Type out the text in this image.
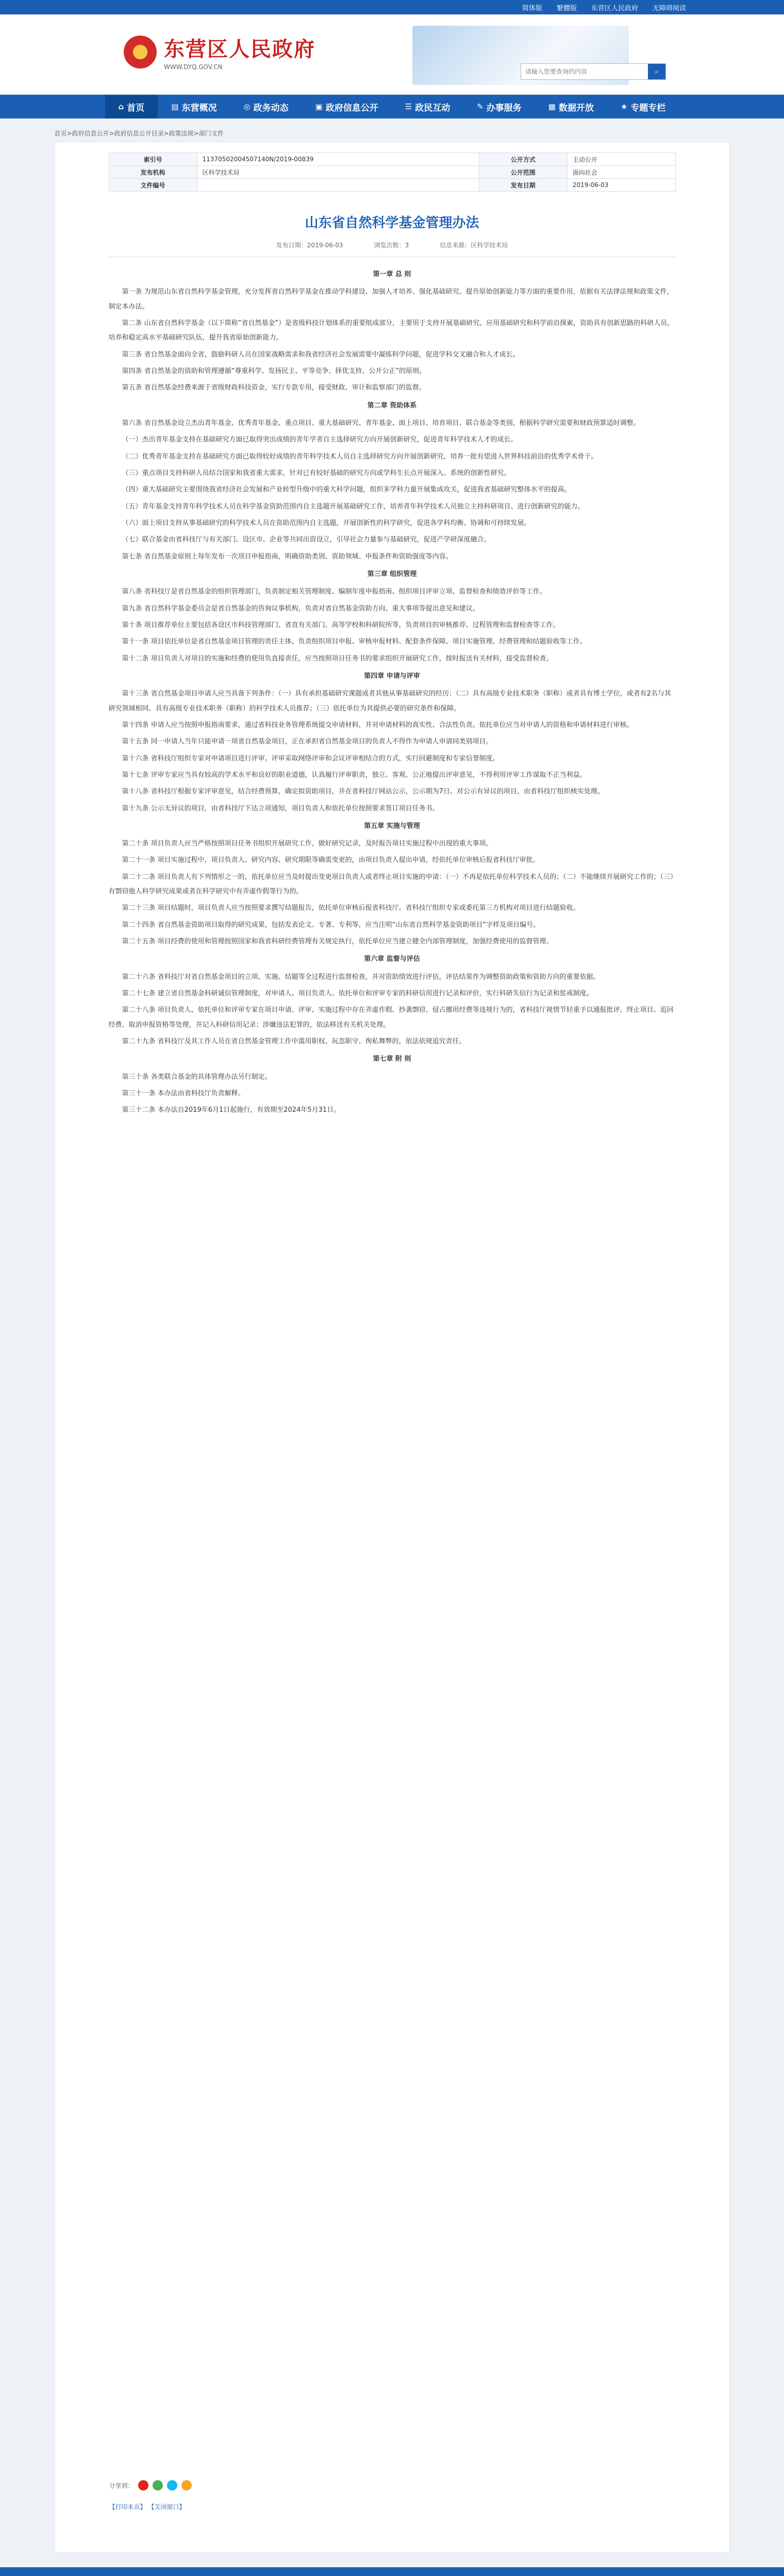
简体版 繁體版 东营区人民政府 无障碍阅读
★ 东营区人民政府
WWW.DYQ.GOV.CN
请输入您要查询的内容
⌕
⌂ 首页	▤ 东营概况	◎ 政务动态	▣ 政府信息公开	☰ 政民互动	✎ 办事服务	▦ 数据开放	★ 专题专栏
首页>政府信息公开>政府信息公开目录>政策法规>部门文件
索引号	11370502004507140N/2019-00839	公开方式	主动公开
发布机构	区科学技术局	公开范围	面向社会
文件编号		发布日期	2019-06-03
山东省自然科学基金管理办法
发布日期：2019-06-03	浏览次数：3	信息来源：区科学技术局

第一章 总 则

第一条 为规范山东省自然科学基金管理，充分发挥省自然科学基金在推动学科建设、加强人才培养、强化基础研究、提升原始创新能力等方面的重要作用，依据有关法律法规和政策文件，制定本办法。

第二条 山东省自然科学基金（以下简称“省自然基金”）是省级科技计划体系的重要组成部分，主要用于支持开展基础研究、应用基础研究和科学前沿探索，资助具有创新思路的科研人员，培养和稳定高水平基础研究队伍，提升我省原始创新能力。

第三条 省自然基金面向全省，鼓励科研人员在国家战略需求和我省经济社会发展需要中凝练科学问题，促进学科交叉融合和人才成长。

第四条 省自然基金的资助和管理遵循“尊重科学、发扬民主、平等竞争、择优支持、公开公正”的原则。

第五条 省自然基金经费来源于省级财政科技资金，实行专款专用，接受财政、审计和监察部门的监督。

第二章 资助体系

第六条 省自然基金设立杰出青年基金、优秀青年基金、重点项目、重大基础研究、青年基金、面上项目、培育项目、联合基金等类别，根据科学研究需要和财政预算适时调整。

（一）杰出青年基金支持在基础研究方面已取得突出成绩的青年学者自主选择研究方向开展创新研究，促进青年科学技术人才的成长。

（二）优秀青年基金支持在基础研究方面已取得较好成绩的青年科学技术人员自主选择研究方向开展创新研究，培养一批有望进入世界科技前沿的优秀学术骨干。

（三）重点项目支持科研人员结合国家和我省重大需求，针对已有较好基础的研究方向或学科生长点开展深入、系统的创新性研究。

（四）重大基础研究主要围绕我省经济社会发展和产业转型升级中的重大科学问题，组织多学科力量开展集成攻关，促进我省基础研究整体水平的提高。

（五）青年基金支持青年科学技术人员在科学基金资助范围内自主选题开展基础研究工作，培养青年科学技术人员独立主持科研项目、进行创新研究的能力。

（六）面上项目支持从事基础研究的科学技术人员在资助范围内自主选题，开展创新性的科学研究，促进各学科均衡、协调和可持续发展。

（七）联合基金由省科技厅与有关部门、设区市、企业等共同出资设立，引导社会力量参与基础研究，促进产学研深度融合。

第七条 省自然基金原则上每年发布一次项目申报指南，明确资助类别、资助领域、申报条件和资助强度等内容。

第三章 组织管理

第八条 省科技厅是省自然基金的组织管理部门，负责制定相关管理制度、编制年度申报指南、组织项目评审立项、监督检查和绩效评价等工作。

第九条 省自然科学基金委员会是省自然基金的咨询议事机构，负责对省自然基金资助方向、重大事项等提出意见和建议。

第十条 项目推荐单位主要包括各设区市科技管理部门、省直有关部门、高等学校和科研院所等，负责项目的审核推荐、过程管理和监督检查等工作。

第十一条 项目依托单位是省自然基金项目管理的责任主体，负责组织项目申报、审核申报材料、配套条件保障、项目实施管理、经费管理和结题验收等工作。

第十二条 项目负责人对项目的实施和经费的使用负直接责任，应当按照项目任务书的要求组织开展研究工作，按时报送有关材料，接受监督检查。

第四章 申请与评审

第十三条 省自然基金项目申请人应当具备下列条件：（一）具有承担基础研究课题或者其他从事基础研究的经历；（二）具有高级专业技术职务（职称）或者具有博士学位，或者有2名与其研究领域相同、具有高级专业技术职务（职称）的科学技术人员推荐；（三）依托单位为其提供必要的研究条件和保障。

第十四条 申请人应当按照申报指南要求，通过省科技业务管理系统提交申请材料，并对申请材料的真实性、合法性负责。依托单位应当对申请人的资格和申请材料进行审核。

第十五条 同一申请人当年只能申请一项省自然基金项目，正在承担省自然基金项目的负责人不得作为申请人申请同类别项目。

第十六条 省科技厅组织专家对申请项目进行评审。评审采取网络评审和会议评审相结合的方式，实行回避制度和专家信誉制度。

第十七条 评审专家应当具有较高的学术水平和良好的职业道德，认真履行评审职责，独立、客观、公正地提出评审意见，不得利用评审工作谋取不正当利益。

第十八条 省科技厅根据专家评审意见，结合经费预算，确定拟资助项目，并在省科技厅网站公示，公示期为7日。对公示有异议的项目，由省科技厅组织核实处理。

第十九条 公示无异议的项目，由省科技厅下达立项通知，项目负责人和依托单位按照要求签订项目任务书。

第五章 实施与管理

第二十条 项目负责人应当严格按照项目任务书组织开展研究工作，做好研究记录，及时报告项目实施过程中出现的重大事项。

第二十一条 项目实施过程中，项目负责人、研究内容、研究期限等确需变更的，由项目负责人提出申请，经依托单位审核后报省科技厅审批。

第二十二条 项目负责人有下列情形之一的，依托单位应当及时提出变更项目负责人或者终止项目实施的申请：（一）不再是依托单位科学技术人员的；（二）不能继续开展研究工作的；（三）有剽窃他人科学研究成果或者在科学研究中有弄虚作假等行为的。

第二十三条 项目结题时，项目负责人应当按照要求撰写结题报告，依托单位审核后报省科技厅。省科技厅组织专家或委托第三方机构对项目进行结题验收。

第二十四条 省自然基金资助项目取得的研究成果，包括发表论文、专著、专利等，应当注明“山东省自然科学基金资助项目”字样及项目编号。

第二十五条 项目经费的使用和管理按照国家和我省科研经费管理有关规定执行，依托单位应当建立健全内部管理制度，加强经费使用的监督管理。

第六章 监督与评估

第二十六条 省科技厅对省自然基金项目的立项、实施、结题等全过程进行监督检查，并对资助绩效进行评估，评估结果作为调整资助政策和资助方向的重要依据。

第二十七条 建立省自然基金科研诚信管理制度，对申请人、项目负责人、依托单位和评审专家的科研信用进行记录和评价，实行科研失信行为记录和惩戒制度。

第二十八条 项目负责人、依托单位和评审专家在项目申请、评审、实施过程中存在弄虚作假、抄袭剽窃、侵占挪用经费等违规行为的，省科技厅视情节轻重予以通报批评、终止项目、追回经费、取消申报资格等处理，并记入科研信用记录；涉嫌违法犯罪的，依法移送有关机关处理。

第二十九条 省科技厅及其工作人员在省自然基金管理工作中滥用职权、玩忽职守、徇私舞弊的，依法依规追究责任。

第七章 附 则

第三十条 各类联合基金的具体管理办法另行制定。

第三十一条 本办法由省科技厅负责解释。

第三十二条 本办法自2019年6月1日起施行，有效期至2024年5月31日。

分享到：
【打印本页】 【关闭窗口】
